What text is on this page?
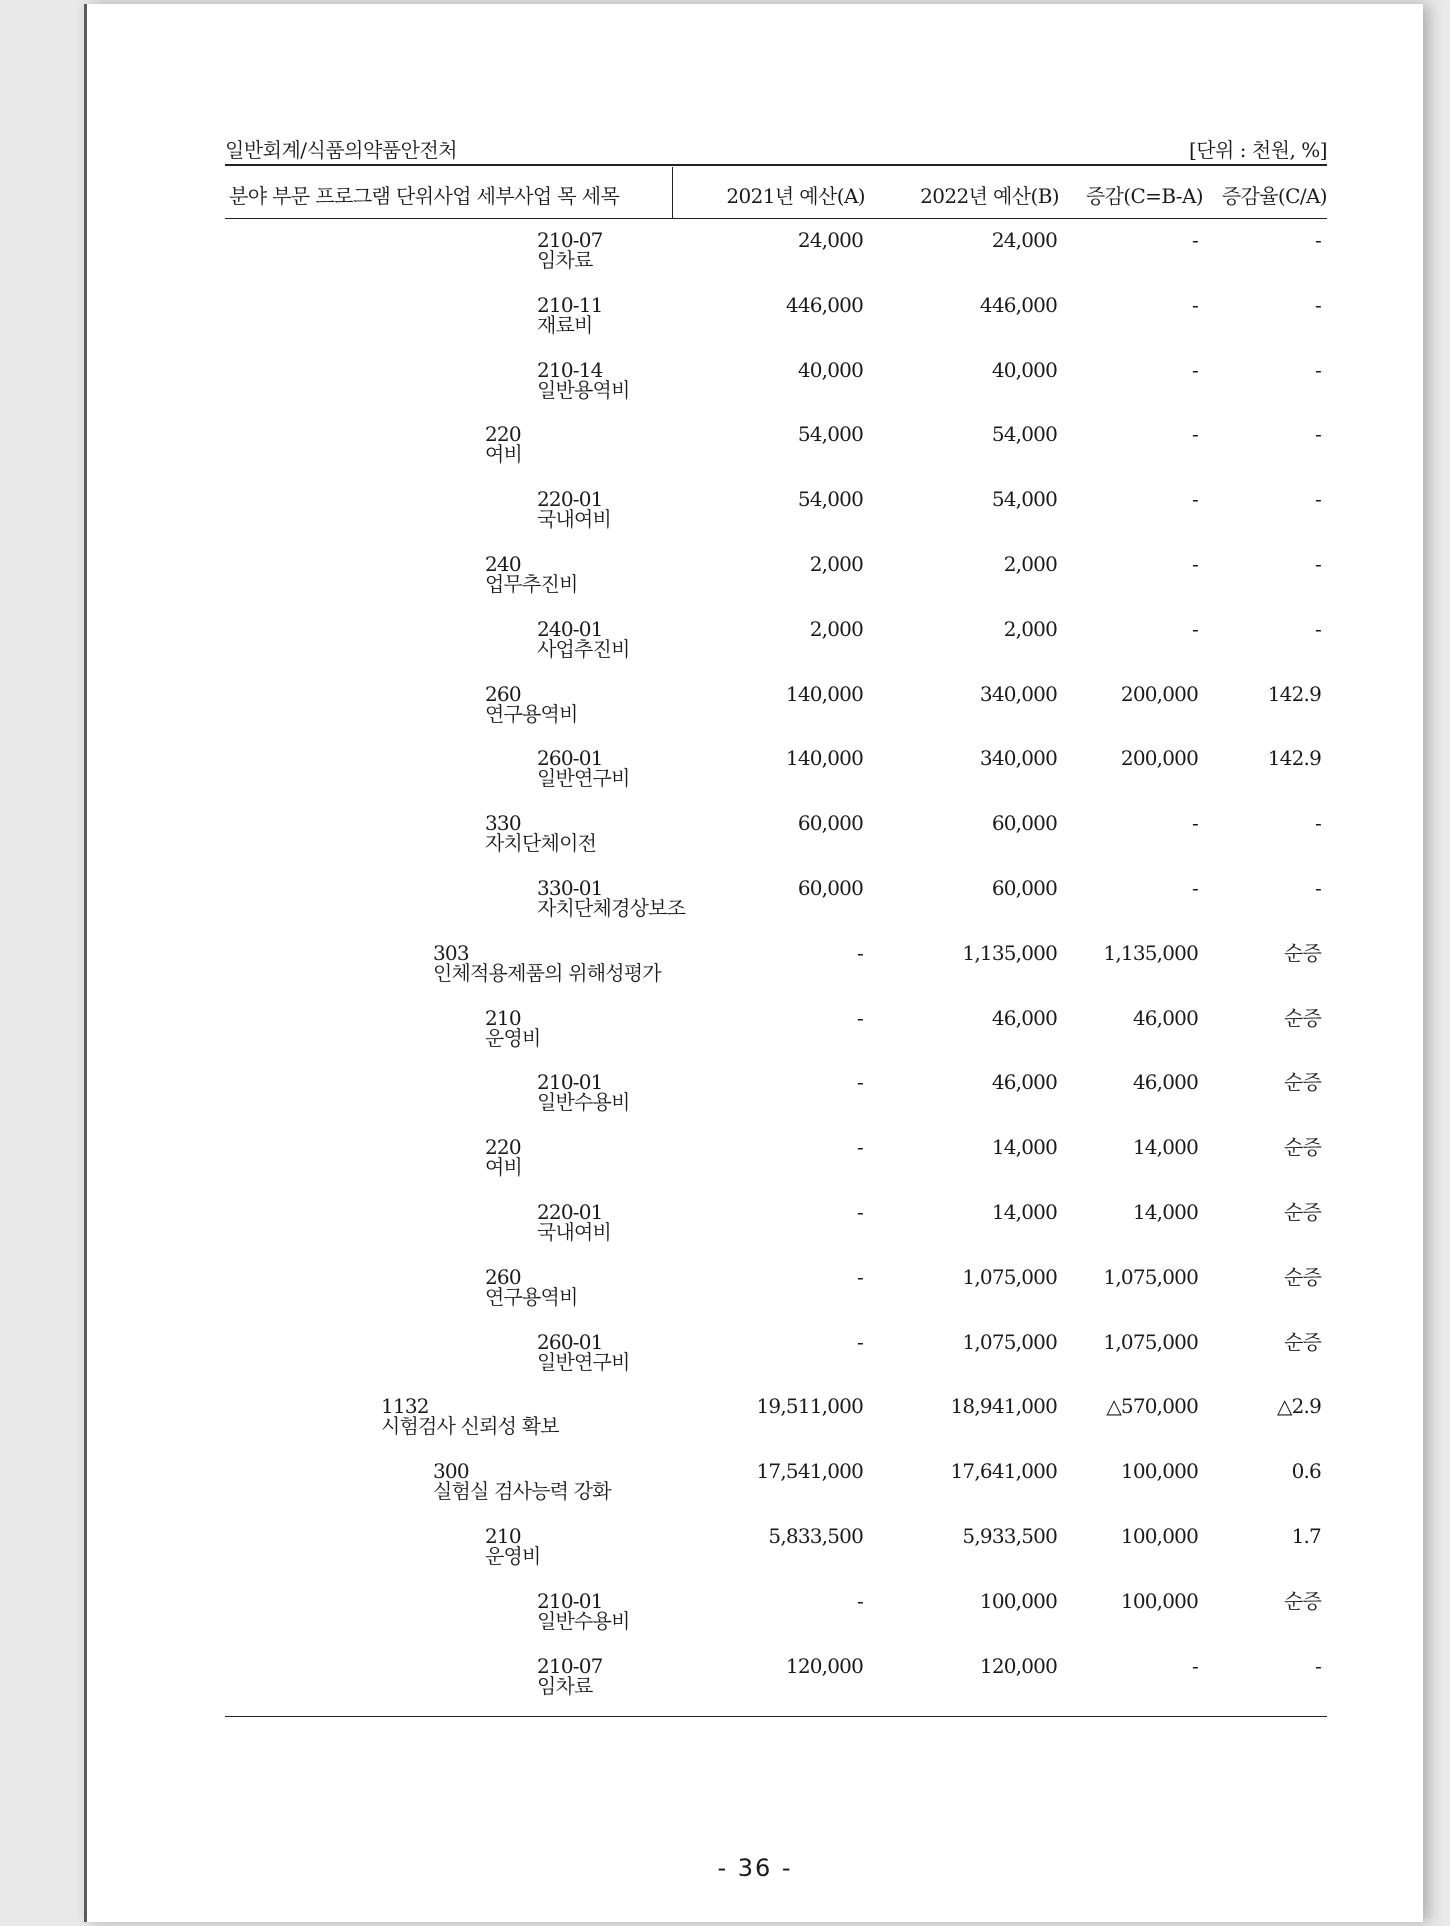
일반회계/식품의약품안전처	[단위 : 천원, %]
분야 부문 프로그램 단위사업 세부사업 목 세목	2021년 예산(A)	2022년 예산(B) 증감(C=B-A) 증감율(C/A)
210-07
임차료
24,000	24,000	-	-
210-11
재료비
446,000	446,000	-	-
210-14
일반용역비
40,000	40,000	-	-
220
여비
54,000	54,000	-	-
220-01
국내여비
54,000	54,000	-	-
240
업무추진비
2,000	2,000	-	-
240-01
사업추진비
2,000	2,000	-	-
260
연구용역비
140,000	340,000	200,000	142.9
260-01
일반연구비
140,000	340,000	200,000	142.9
330
자치단체이전
60,000	60,000	-	-
330-01
자치단체경상보조
60,000	60,000	-	-
303
인체적용제품의 위해성평가
-	1,135,000 1,135,000	순증
210
운영비
-	46,000	46,000	순증
210-01
일반수용비
-	46,000	46,000	순증
220
여비
-	14,000	14,000	순증
220-01
국내여비
-	14,000	14,000	순증
260
연구용역비
-	1,075,000 1,075,000	순증
260-01
일반연구비
-	1,075,000 1,075,000	순증
1132
시험검사 신뢰성 확보
19,511,000	18,941,000 △570,000	△2.9
300
실험실 검사능력 강화
17,541,000	17,641,000	100,000	0.6
210
운영비
5,833,500	5,933,500	100,000	1.7
210-01
일반수용비
-	100,000	100,000	순증
210-07
임차료
120,000	120,000	-	-
- 36 -
